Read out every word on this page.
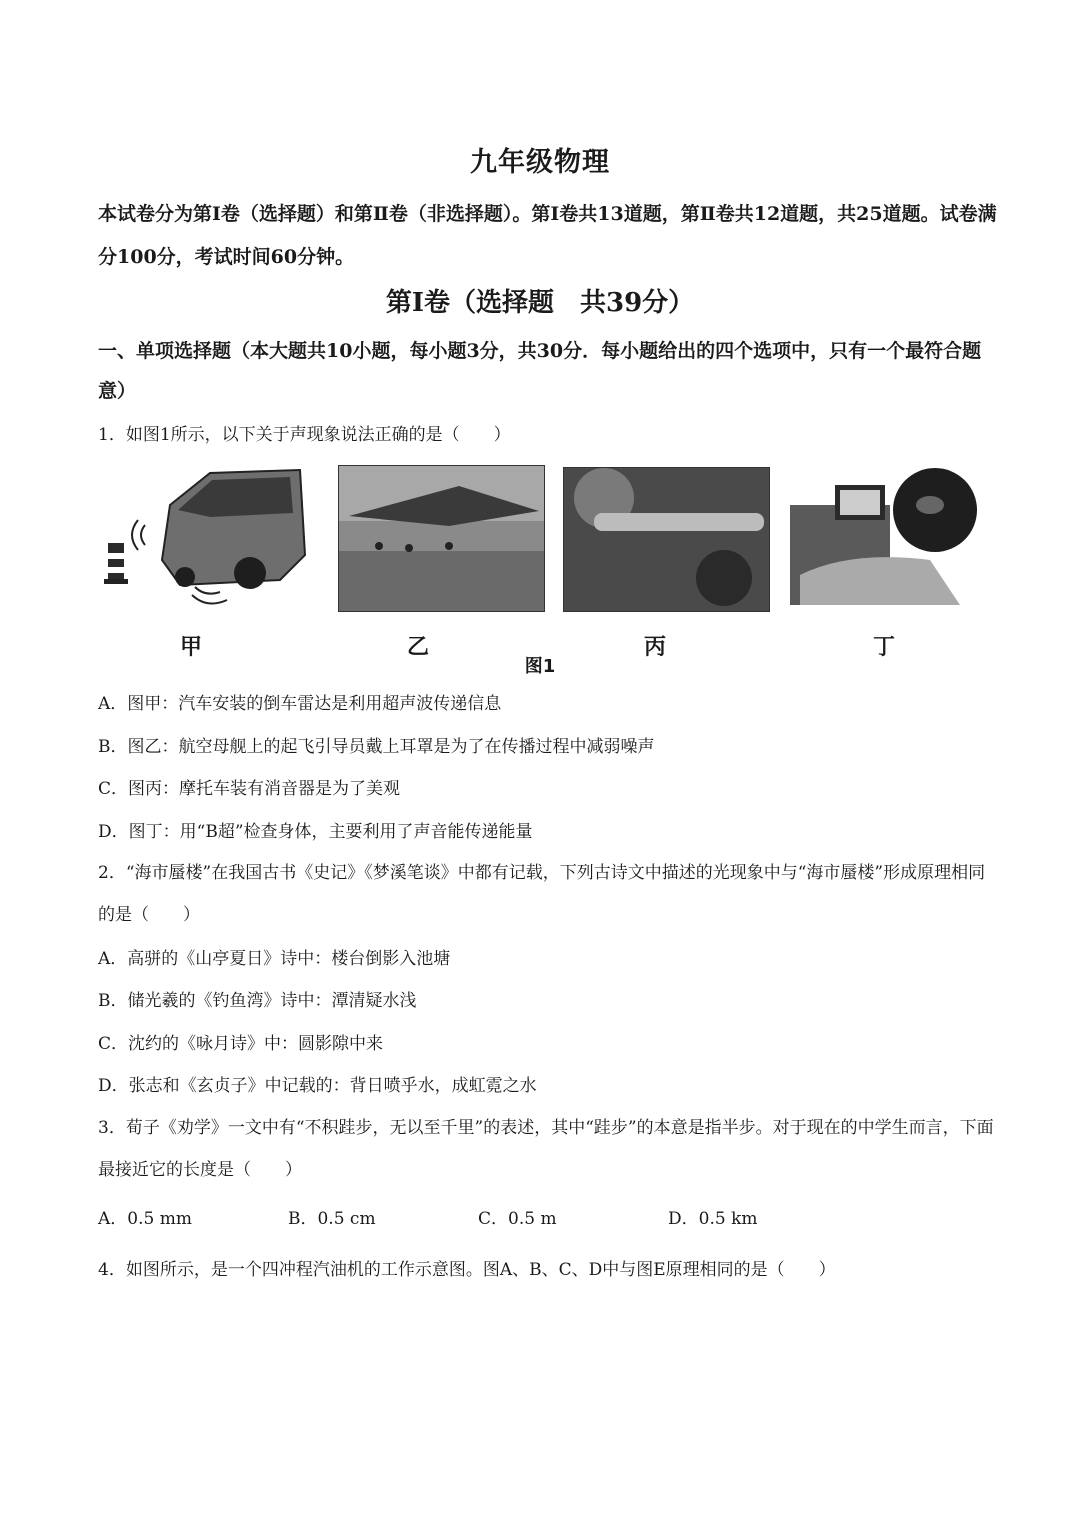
九年级物理
本试卷分为第Ⅰ卷（选择题）和第Ⅱ卷（非选择题）。第Ⅰ卷共13道题，第Ⅱ卷共12道题，共25道题。试卷满分100分，考试时间60分钟。
第Ⅰ卷（选择题　共39分）
一、单项选择题（本大题共10小题，每小题3分，共30分．每小题给出的四个选项中，只有一个最符合题意）
1．如图1所示，以下关于声现象说法正确的是（　　）
甲	乙	丙	丁
图1
A．图甲：汽车安装的倒车雷达是利用超声波传递信息
B．图乙：航空母舰上的起飞引导员戴上耳罩是为了在传播过程中减弱噪声
C．图丙：摩托车装有消音器是为了美观
D．图丁：用“B超”检查身体，主要利用了声音能传递能量
2．“海市蜃楼”在我国古书《史记》《梦溪笔谈》中都有记载，下列古诗文中描述的光现象中与“海市蜃楼”形成原理相同的是（　　）
A．高骈的《山亭夏日》诗中：楼台倒影入池塘
B．储光羲的《钓鱼湾》诗中：潭清疑水浅
C．沈约的《咏月诗》中：圆影隙中来
D．张志和《玄贞子》中记载的：背日喷乎水，成虹霓之水
3．荀子《劝学》一文中有“不积跬步，无以至千里”的表述，其中“跬步”的本意是指半步。对于现在的中学生而言，下面最接近它的长度是（　　）
A．0.5 mm	B．0.5 cm	C．0.5 m	D．0.5 km
4．如图所示，是一个四冲程汽油机的工作示意图。图A、B、C、D中与图E原理相同的是（　　）
